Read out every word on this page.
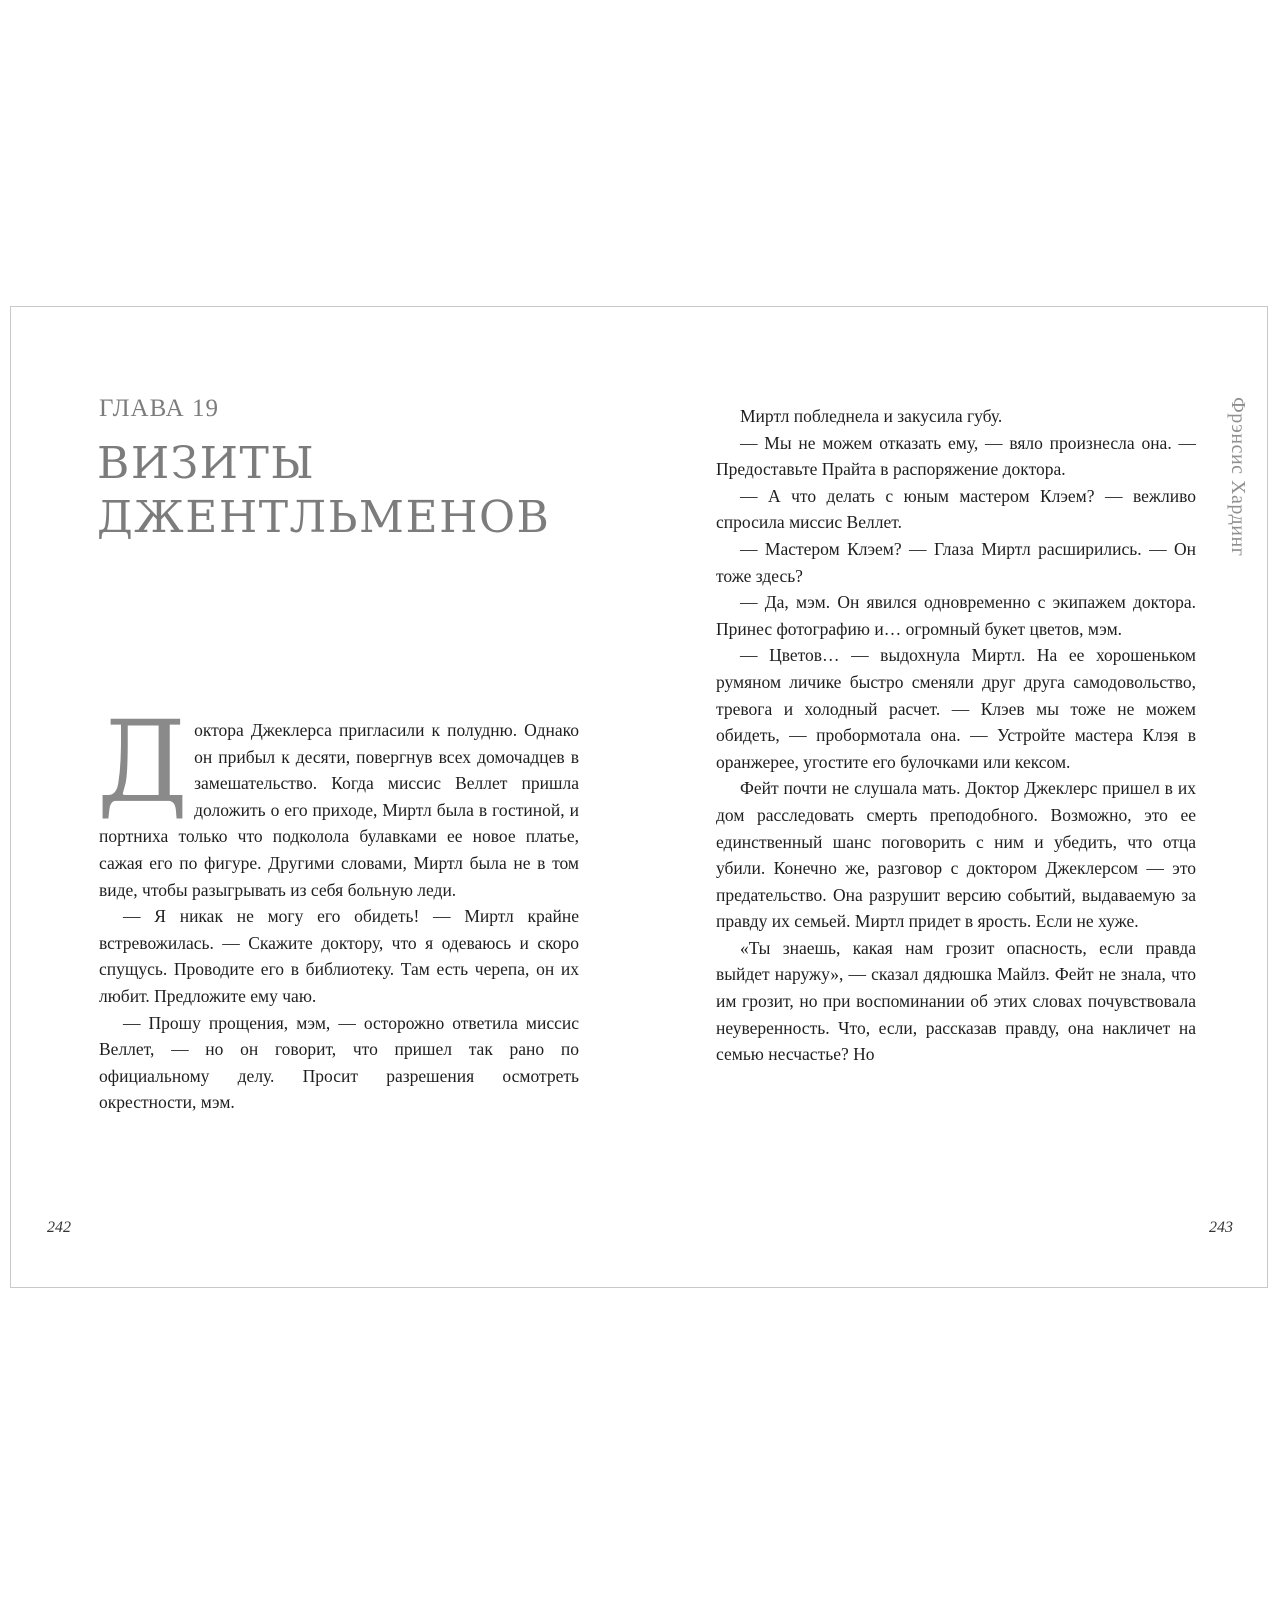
ГЛАВА 19
ВИЗИТЫ
ДЖЕНТЛЬМЕНОВ

Доктора Джеклерса пригласили к полудню. Однако он прибыл к десяти, повергнув всех домочадцев в замешательство. Когда миссис Веллет пришла доложить о его приходе, Миртл была в гостиной, и портниха только что подколола булавками ее новое платье, сажая его по фигуре. Другими словами, Миртл была не в том виде, чтобы разыгрывать из себя больную леди.

— Я никак не могу его обидеть! — Миртл крайне встревожилась. — Скажите доктору, что я одеваюсь и скоро спущусь. Проводите его в библиотеку. Там есть черепа, он их любит. Предложите ему чаю.

— Прошу прощения, мэм, — осторожно ответила миссис Веллет, — но он говорит, что пришел так рано по официальному делу. Просит разрешения осмотреть окрестности, мэм.

242
Фрэнсис Хардинг

Миртл побледнела и закусила губу.

— Мы не можем отказать ему, — вяло произнесла она. — Предоставьте Прайта в распоряжение доктора.

— А что делать с юным мастером Клэем? — вежливо спросила миссис Веллет.

— Мастером Клэем? — Глаза Миртл расширились. — Он тоже здесь?

— Да, мэм. Он явился одновременно с экипажем доктора. Принес фотографию и… огромный букет цветов, мэм.

— Цветов… — выдохнула Миртл. На ее хорошеньком румяном личике быстро сменяли друг друга самодовольство, тревога и холодный расчет. — Клэев мы тоже не можем обидеть, — пробормотала она. — Устройте мастера Клэя в оранжерее, угостите его булочками или кексом.

Фейт почти не слушала мать. Доктор Джеклерс пришел в их дом расследовать смерть преподобного. Возможно, это ее единственный шанс поговорить с ним и убедить, что отца убили. Конечно же, разговор с доктором Джеклерсом — это предательство. Она разрушит версию событий, выдаваемую за правду их семьей. Миртл придет в ярость. Если не хуже.

«Ты знаешь, какая нам грозит опасность, если правда выйдет наружу», — сказал дядюшка Майлз. Фейт не знала, что им грозит, но при воспоминании об этих словах почувствовала неуверенность. Что, если, рассказав правду, она накличет на семью несчастье? Но

243
